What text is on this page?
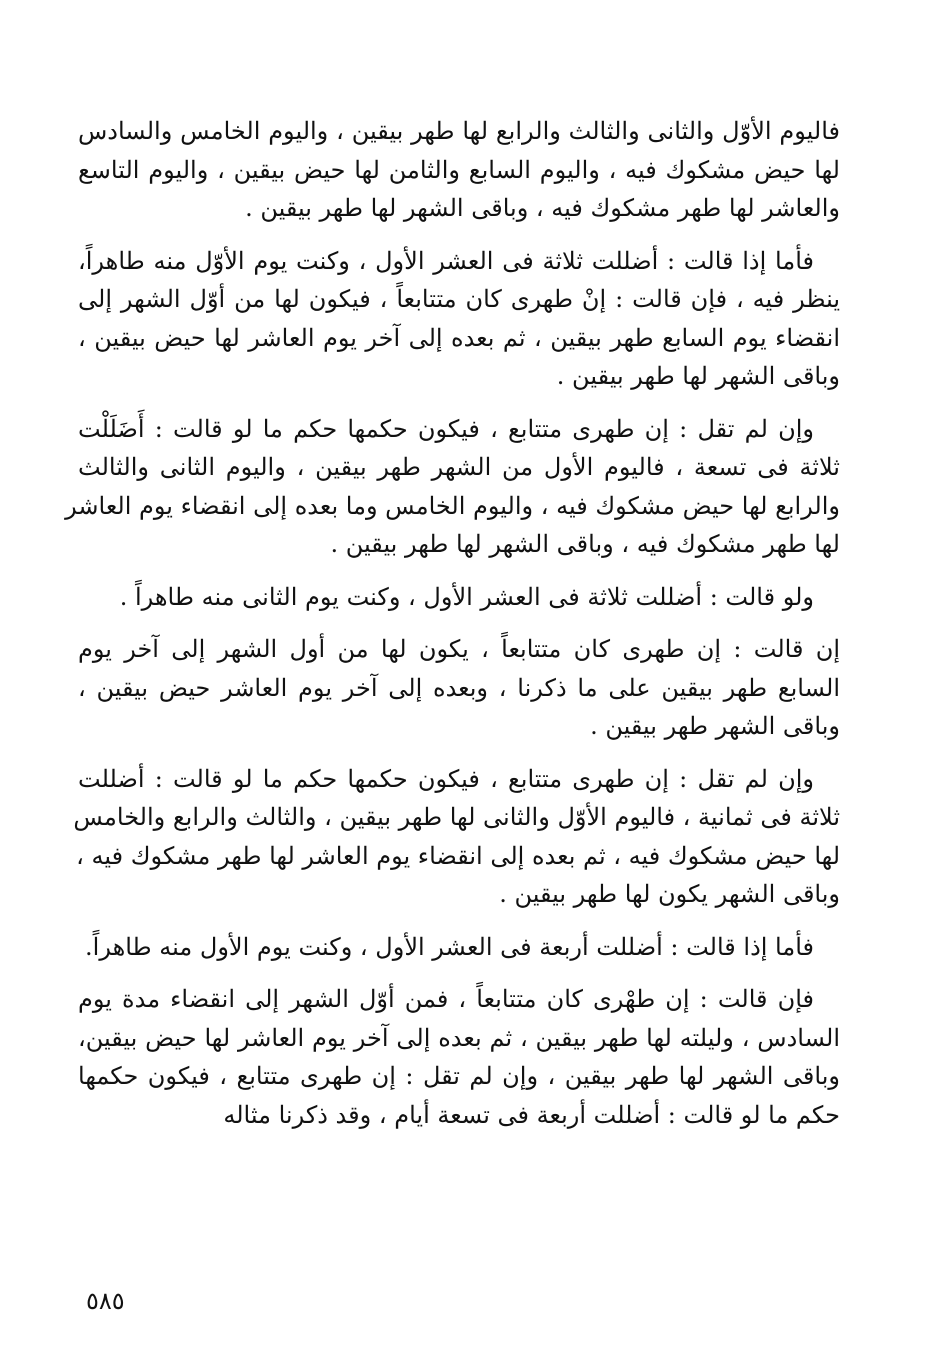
فاليوم الأوّل والثانى والثالث والرابع لها طهر بيقين ، واليوم الخامس والسادس
لها حيض مشكوك فيه ، واليوم السابع والثامن لها حيض بيقين ، واليوم التاسع
والعاشر لها طهر مشكوك فيه ، وباقى الشهر لها طهر بيقين .
فأما إذا قالت : أضللت ثلاثة فى العشر الأول ، وكنت يوم الأوّل منه طاهراً،
ينظر فيه ، فإن قالت : إنْ طهرى كان متتابعاً ، فيكون لها من أوّل الشهر إلى
انقضاء يوم السابع طهر بيقين ، ثم بعده إلى آخر يوم العاشر لها حيض بيقين ،
وباقى الشهر لها طهر بيقين .
وإن لم تقل : إن طهرى متتابع ، فيكون حكمها حكم ما لو قالت : أَضَلَلْت
ثلاثة فى تسعة ، فاليوم الأول من الشهر طهر بيقين ، واليوم الثانى والثالث
والرابع لها حيض مشكوك فيه ، واليوم الخامس وما بعده إلى انقضاء يوم العاشر
لها طهر مشكوك فيه ، وباقى الشهر لها طهر بيقين .
ولو قالت : أضللت ثلاثة فى العشر الأول ، وكنت يوم الثانى منه طاهراً .
إن قالت : إن طهرى كان متتابعاً ، يكون لها من أول الشهر إلى آخر يوم
السابع طهر بيقين على ما ذكرنا ، وبعده إلى آخر يوم العاشر حيض بيقين ،
وباقى الشهر طهر بيقين .
وإن لم تقل : إن طهرى متتابع ، فيكون حكمها حكم ما لو قالت : أضللت
ثلاثة فى ثمانية ، فاليوم الأوّل والثانى لها طهر بيقين ، والثالث والرابع والخامس
لها حيض مشكوك فيه ، ثم بعده إلى انقضاء يوم العاشر لها طهر مشكوك فيه ،
وباقى الشهر يكون لها طهر بيقين .
فأما إذا قالت : أضللت أربعة فى العشر الأول ، وكنت يوم الأول منه طاهراً.
فإن قالت : إن طهْرى كان متتابعاً ، فمن أوّل الشهر إلى انقضاء مدة يوم
السادس ، وليلته لها طهر بيقين ، ثم بعده إلى آخر يوم العاشر لها حيض بيقين،
وباقى الشهر لها طهر بيقين ، وإن لم تقل : إن طهرى متتابع ، فيكون حكمها
حكم ما لو قالت : أضللت أربعة فى تسعة أيام ، وقد ذكرنا مثاله
٥٨٥
